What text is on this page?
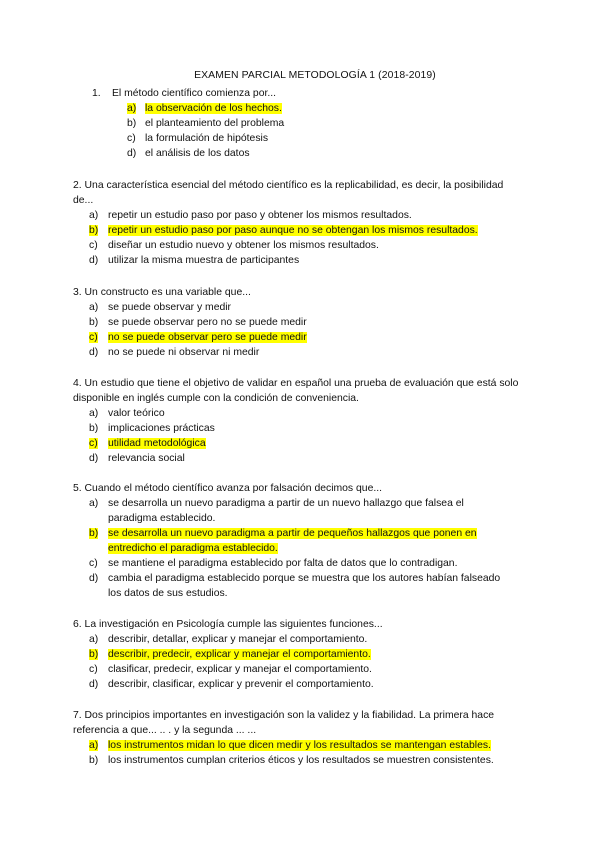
EXAMEN PARCIAL METODOLOGÍA 1 (2018-2019)

1. El método científico comienza por...

a) la observación de los hechos.
b) el planteamiento del problema
c) la formulación de hipótesis
d) el análisis de los datos

2. Una característica esencial del método científico es la replicabilidad, es decir, la posibilidad de...

a) repetir un estudio paso por paso y obtener los mismos resultados.
b) repetir un estudio paso por paso aunque no se obtengan los mismos resultados.
c) diseñar un estudio nuevo y obtener los mismos resultados.
d) utilizar la misma muestra de participantes

3. Un constructo es una variable que...

a) se puede observar y medir
b) se puede observar pero no se puede medir
c) no se puede observar pero se puede medir
d) no se puede ni observar ni medir

4. Un estudio que tiene el objetivo de validar en español una prueba de evaluación que está solo disponible en inglés cumple con la condición de conveniencia.

a) valor teórico
b) implicaciones prácticas
c) utilidad metodológica
d) relevancia social

5. Cuando el método científico avanza por falsación decimos que...

a) se desarrolla un nuevo paradigma a partir de un nuevo hallazgo que falsea el paradigma establecido.
b) se desarrolla un nuevo paradigma a partir de pequeños hallazgos que ponen en entredicho el paradigma establecido.
c) se mantiene el paradigma establecido por falta de datos que lo contradigan.
d) cambia el paradigma establecido porque se muestra que los autores habían falseado los datos de sus estudios.

6. La investigación en Psicología cumple las siguientes funciones...

a) describir, detallar, explicar y manejar el comportamiento.
b) describir, predecir, explicar y manejar el comportamiento.
c) clasificar, predecir, explicar y manejar el comportamiento.
d) describir, clasificar, explicar y prevenir el comportamiento.

7. Dos principios importantes en investigación son la validez y la fiabilidad. La primera hace referencia a que... .. . y la segunda ... ...

a) los instrumentos midan lo que dicen medir y los resultados se mantengan estables.
b) los instrumentos cumplan criterios éticos y los resultados se muestren consistentes.
